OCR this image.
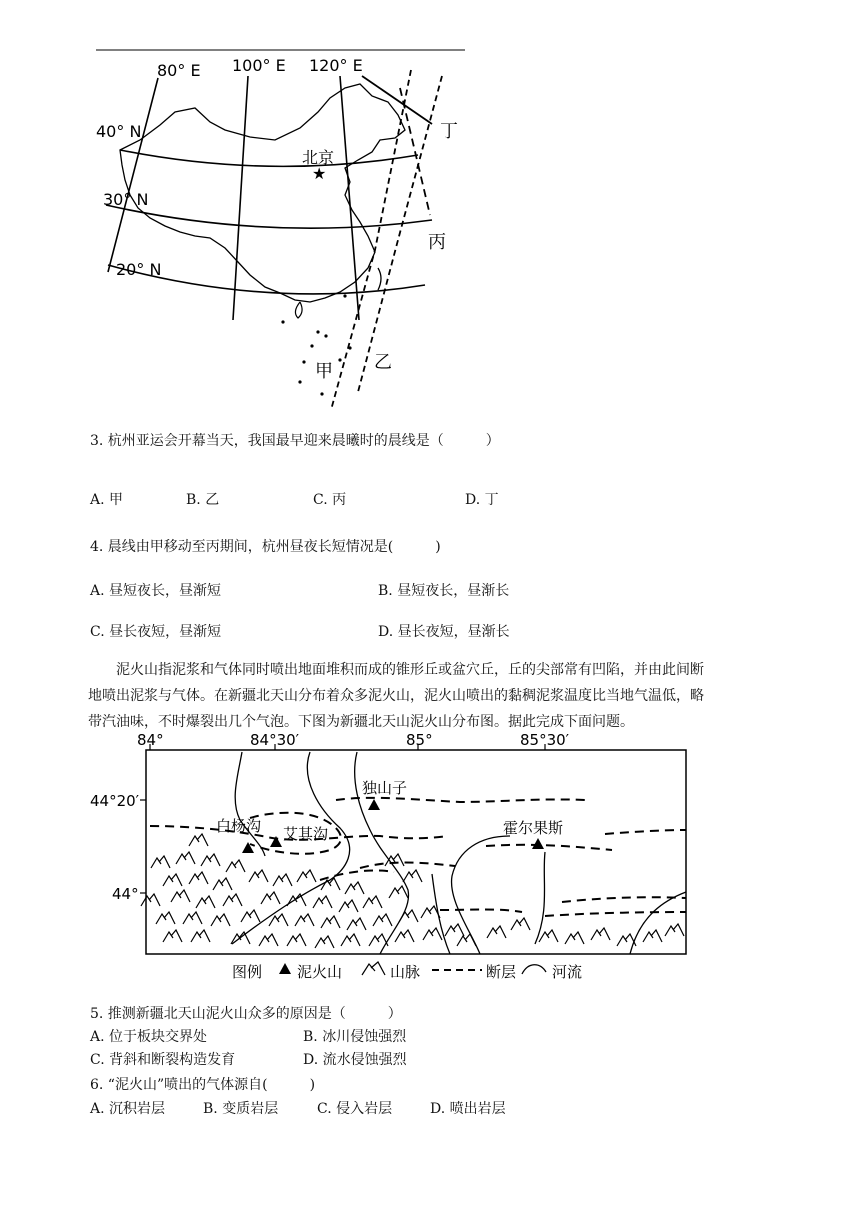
★
80° E 100° E 120° E
40° N
30° N
20° N
北京
丁
丙
乙
甲
3. 杭州亚运会开幕当天，我国最早迎来晨曦时的晨线是（　　　）
A. 甲	B. 乙	C. 丙	D. 丁
4. 晨线由甲移动至丙期间，杭州昼夜长短情况是(　　　)
A. 昼短夜长，昼渐短	B. 昼短夜长，昼渐长
C. 昼长夜短，昼渐短	D. 昼长夜短，昼渐长
泥火山指泥浆和气体同时喷出地面堆积而成的锥形丘或盆穴丘，丘的尖部常有凹陷，并由此间断
地喷出泥浆与气体。在新疆北天山分布着众多泥火山，泥火山喷出的黏稠泥浆温度比当地气温低，略
带汽油味，不时爆裂出几个气泡。下图为新疆北天山泥火山分布图。据此完成下面问题。
84°	84°30′	85°	85°30′
44°20′
44°
独山子
白杨沟 艾其沟	霍尔果斯
图例 泥火山	山脉	断层 河流
5. 推测新疆北天山泥火山众多的原因是（　　　）
A. 位于板块交界处	B. 冰川侵蚀强烈
C. 背斜和断裂构造发育	D. 流水侵蚀强烈
6. “泥火山”喷出的气体源自(　　　)
A. 沉积岩层	B. 变质岩层	C. 侵入岩层	D. 喷出岩层
